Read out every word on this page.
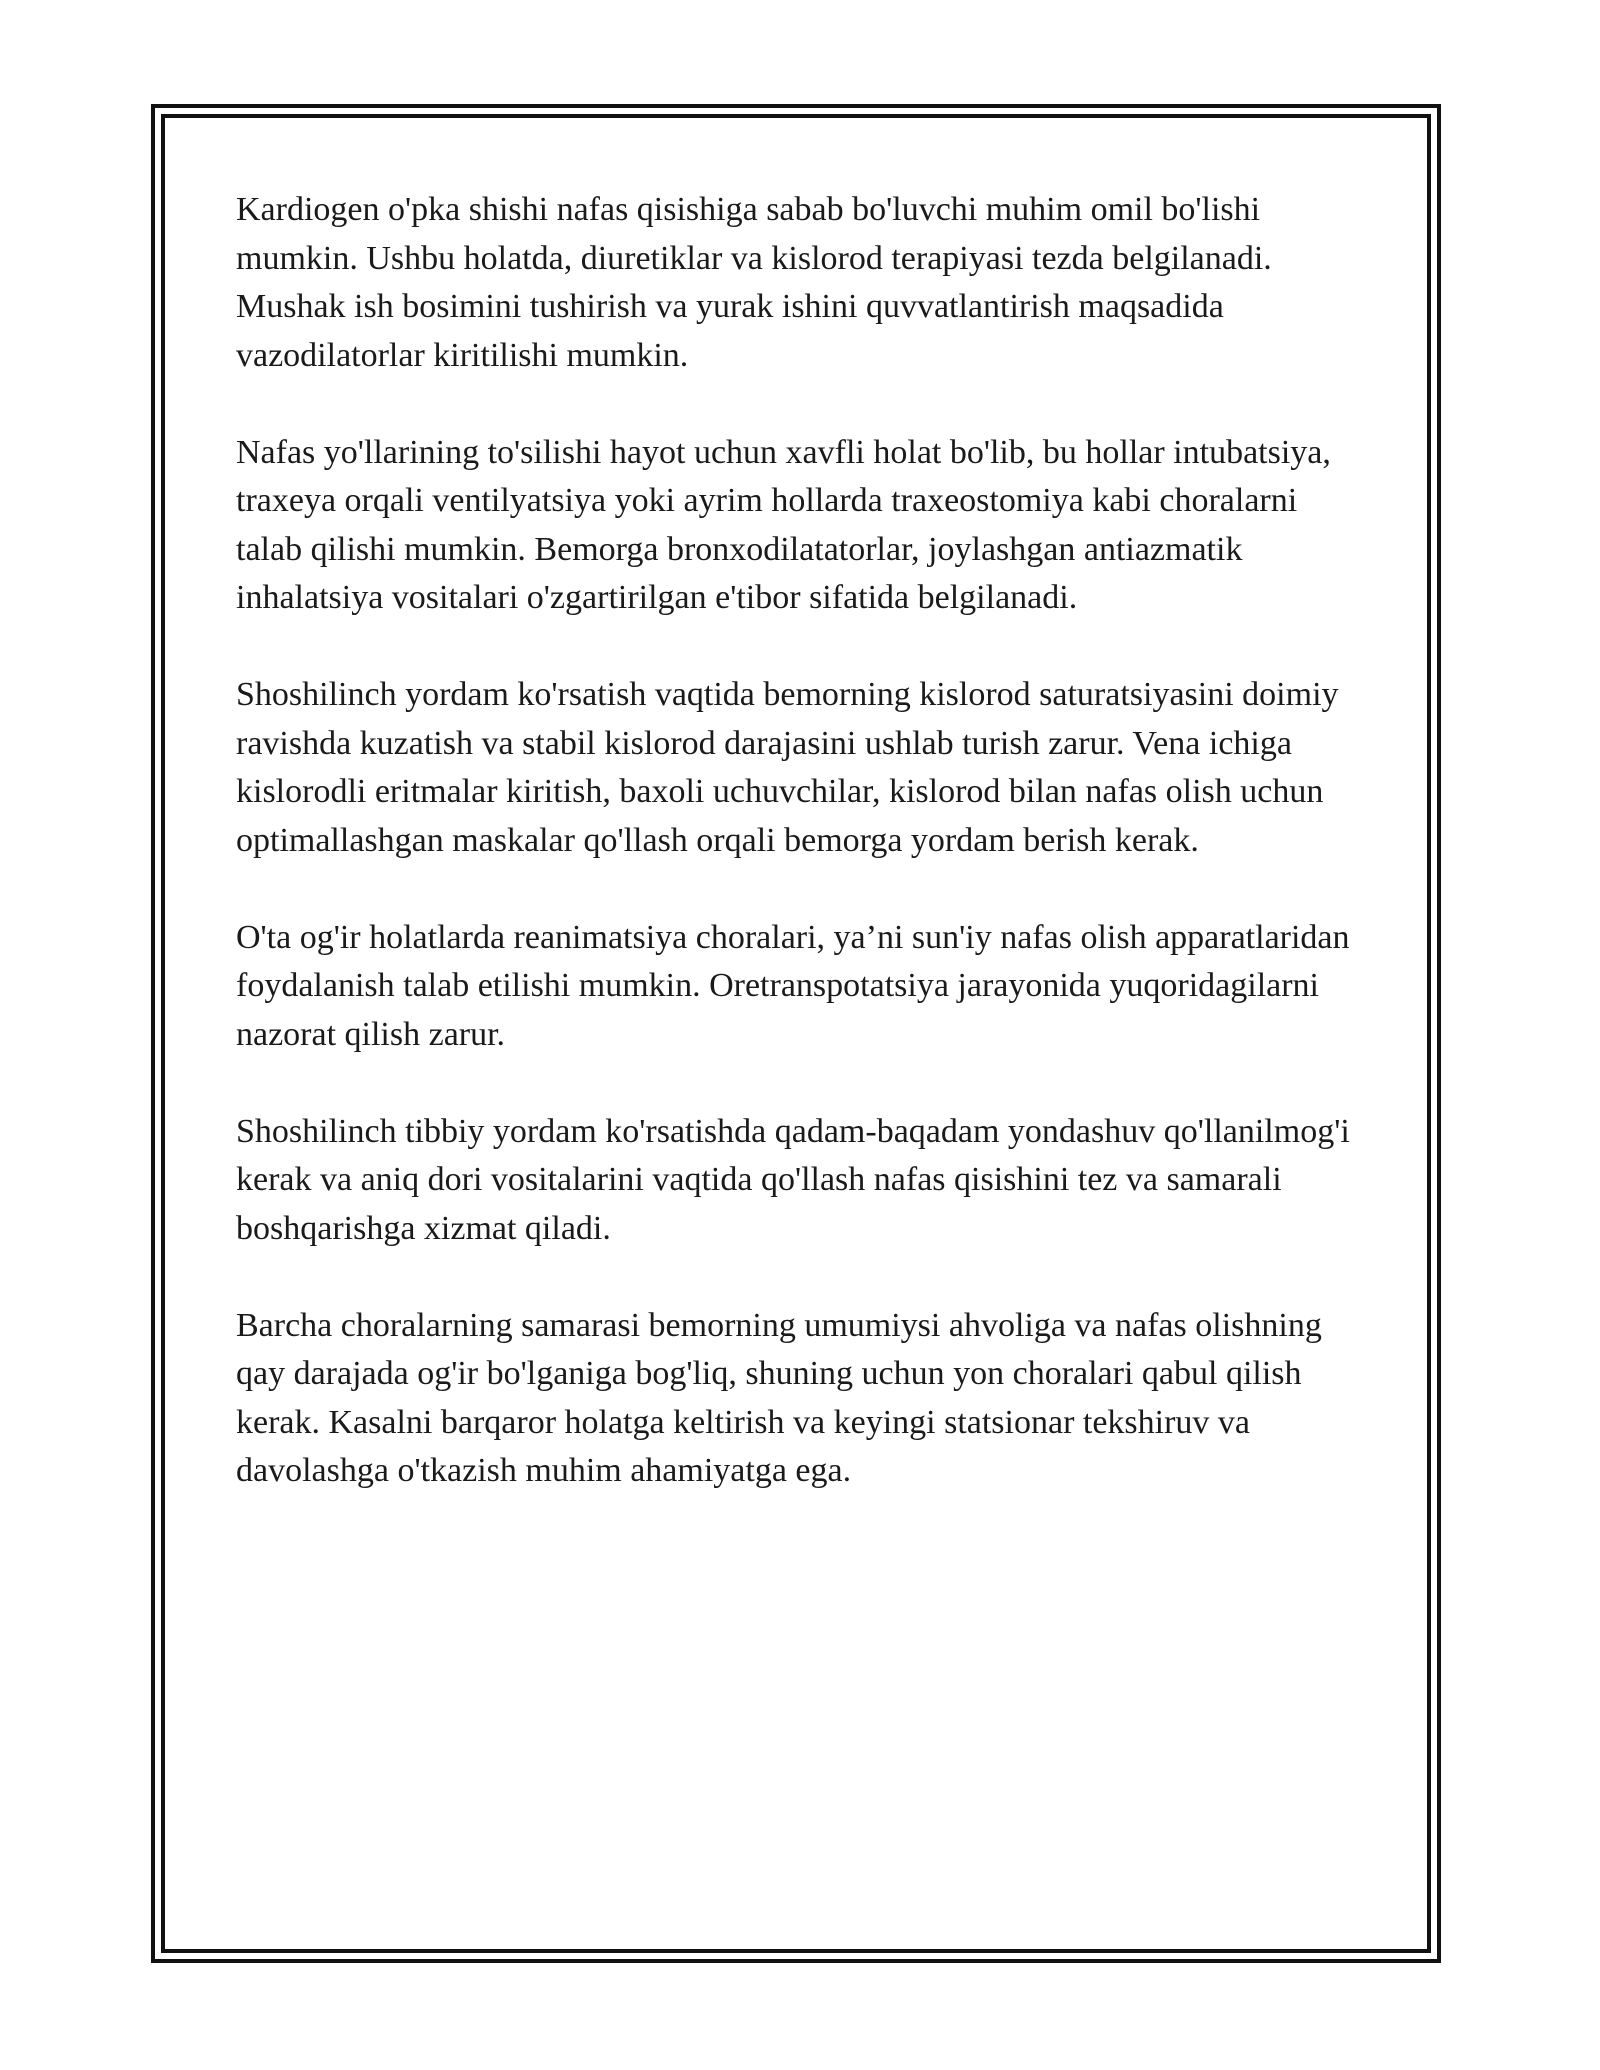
Kardiogen o'pka shishi nafas qisishiga sabab bo'luvchi muhim omil bo'lishi mumkin. Ushbu holatda, diuretiklar va kislorod terapiyasi tezda belgilanadi. Mushak ish bosimini tushirish va yurak ishini quvvatlantirish maqsadida vazodilatorlar kiritilishi mumkin.

Nafas yo'llarining to'silishi hayot uchun xavfli holat bo'lib, bu hollar intubatsiya, traxeya orqali ventilyatsiya yoki ayrim hollarda traxeostomiya kabi choralarni talab qilishi mumkin. Bemorga bronxodilatatorlar, joylashgan antiazmatik inhalatsiya vositalari o'zgartirilgan e'tibor sifatida belgilanadi.

Shoshilinch yordam ko'rsatish vaqtida bemorning kislorod saturatsiyasini doimiy ravishda kuzatish va stabil kislorod darajasini ushlab turish zarur. Vena ichiga kislorodli eritmalar kiritish, baxoli uchuvchilar, kislorod bilan nafas olish uchun optimallashgan maskalar qo'llash orqali bemorga yordam berish kerak.

O'ta og'ir holatlarda reanimatsiya choralari, ya’ni sun'iy nafas olish apparatlaridan foydalanish talab etilishi mumkin. Oretranspotatsiya jarayonida yuqoridagilarni nazorat qilish zarur.

Shoshilinch tibbiy yordam ko'rsatishda qadam-baqadam yondashuv qo'llanilmog'i kerak va aniq dori vositalarini vaqtida qo'llash nafas qisishini tez va samarali boshqarishga xizmat qiladi.

Barcha choralarning samarasi bemorning umumiysi ahvoliga va nafas olishning qay darajada og'ir bo'lganiga bog'liq, shuning uchun yon choralari qabul qilish kerak. Kasalni barqaror holatga keltirish va keyingi statsionar tekshiruv va davolashga o'tkazish muhim ahamiyatga ega.
